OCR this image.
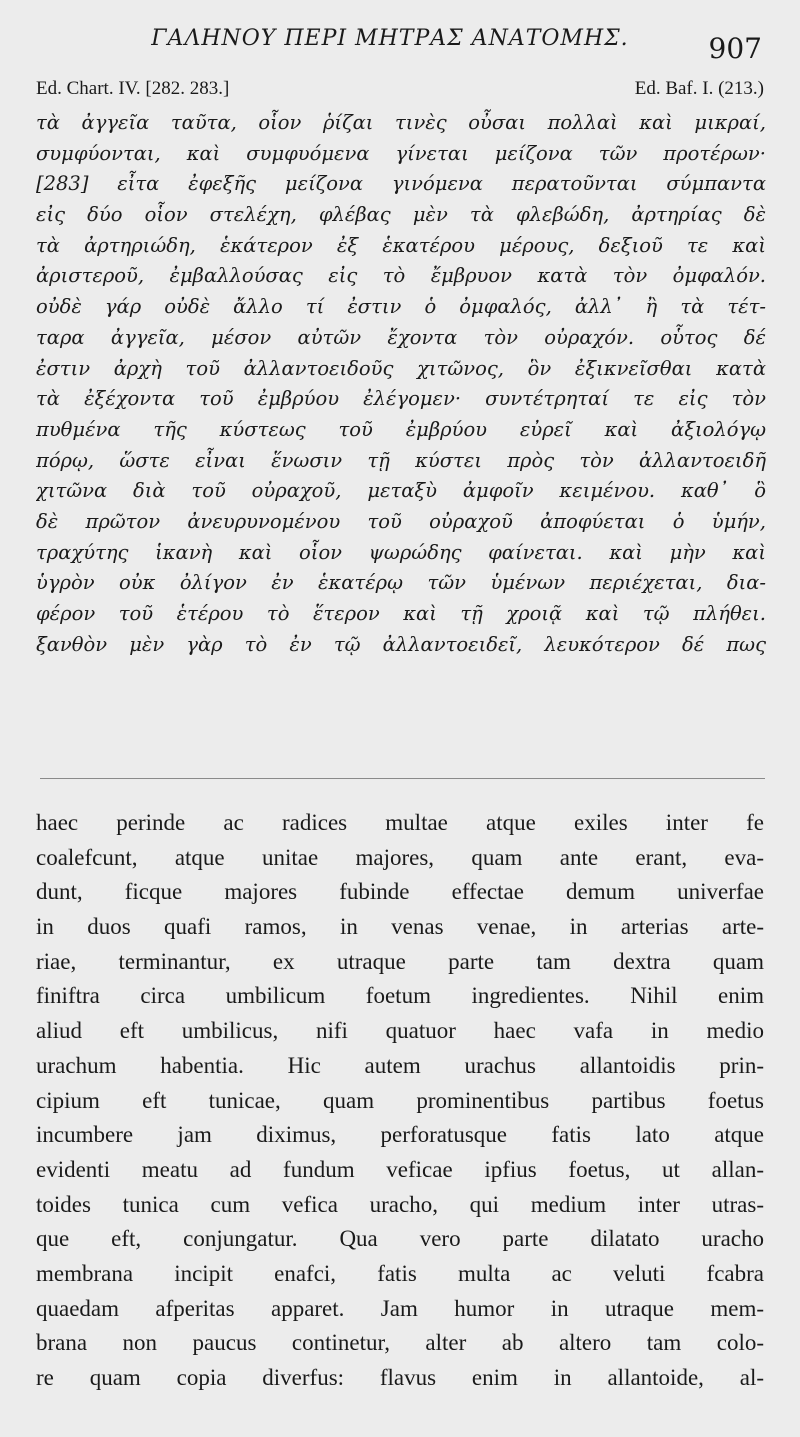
ΓΑΛΗΝΟΥ ΠΕΡΙ ΜΗΤΡΑΣ ΑΝΑΤΟΜΗΣ.	907
Ed. Chart. IV. [282. 283.]	Ed. Baf. I. (213.)
τὰ ἀγγεῖα ταῦτα, οἷον ῥίζαι τινὲς οὖσαι πολλαὶ καὶ μικραί,
συμφύονται, καὶ συμφυόμενα γίνεται μείζονα τῶν προτέρων·
[283] εἶτα ἐφεξῆς μείζονα γινόμενα περατοῦνται σύμπαντα
εἰς δύο οἷον στελέχη, φλέβας μὲν τὰ φλεβώδη, ἀρτηρίας δὲ
τὰ ἀρτηριώδη, ἑκάτερον ἐξ ἑκατέρου μέρους, δεξιοῦ τε καὶ
ἀριστεροῦ, ἐμβαλλούσας εἰς τὸ ἔμβρυον κατὰ τὸν ὀμφαλόν.
οὐδὲ γάρ οὐδὲ ἄλλο τί ἐστιν ὁ ὀμφαλός, ἀλλ᾿ ἢ τὰ τέτ-
ταρα ἀγγεῖα, μέσον αὐτῶν ἔχοντα τὸν οὐραχόν. οὗτος δέ
ἐστιν ἀρχὴ τοῦ ἀλλαντοειδοῦς χιτῶνος, ὃν ἐξικνεῖσθαι κατὰ
τὰ ἐξέχοντα τοῦ ἐμβρύου ἐλέγομεν· συντέτρηταί τε εἰς τὸν
πυθμένα τῆς κύστεως τοῦ ἐμβρύου εὐρεῖ καὶ ἀξιολόγῳ
πόρῳ, ὥστε εἶναι ἕνωσιν τῇ κύστει πρὸς τὸν ἀλλαντοειδῆ
χιτῶνα διὰ τοῦ οὐραχοῦ, μεταξὺ ἀμφοῖν κειμένου. καθ᾿ ὃ
δὲ πρῶτον ἀνευρυνομένου τοῦ οὐραχοῦ ἀποφύεται ὁ ὑμήν,
τραχύτης ἱκανὴ καὶ οἷον ψωρώδης φαίνεται. καὶ μὴν καὶ
ὑγρὸν οὐκ ὀλίγον ἐν ἑκατέρῳ τῶν ὑμένων περιέχεται, δια-
φέρον τοῦ ἑτέρου τὸ ἕτερον καὶ τῇ χροιᾷ καὶ τῷ πλήθει.
ξανθὸν μὲν γὰρ τὸ ἐν τῷ ἀλλαντοειδεῖ, λευκότερον δέ πως
haec perinde ac radices multae atque exiles inter fe
coalefcunt, atque unitae majores, quam ante erant, eva-
dunt, ficque majores fubinde effectae demum univerfae
in duos quafi ramos, in venas venae, in arterias arte-
riae, terminantur, ex utraque parte tam dextra quam
finiftra circa umbilicum foetum ingredientes. Nihil enim
aliud eft umbilicus, nifi quatuor haec vafa in medio
urachum habentia. Hic autem urachus allantoidis prin-
cipium eft tunicae, quam prominentibus partibus foetus
incumbere jam diximus, perforatusque fatis lato atque
evidenti meatu ad fundum veficae ipfius foetus, ut allan-
toides tunica cum vefica uracho, qui medium inter utras-
que eft, conjungatur. Qua vero parte dilatato uracho
membrana incipit enafci, fatis multa ac veluti fcabra
quaedam afperitas apparet. Jam humor in utraque mem-
brana non paucus continetur, alter ab altero tam colo-
re quam copia diverfus: flavus enim in allantoide, al-
